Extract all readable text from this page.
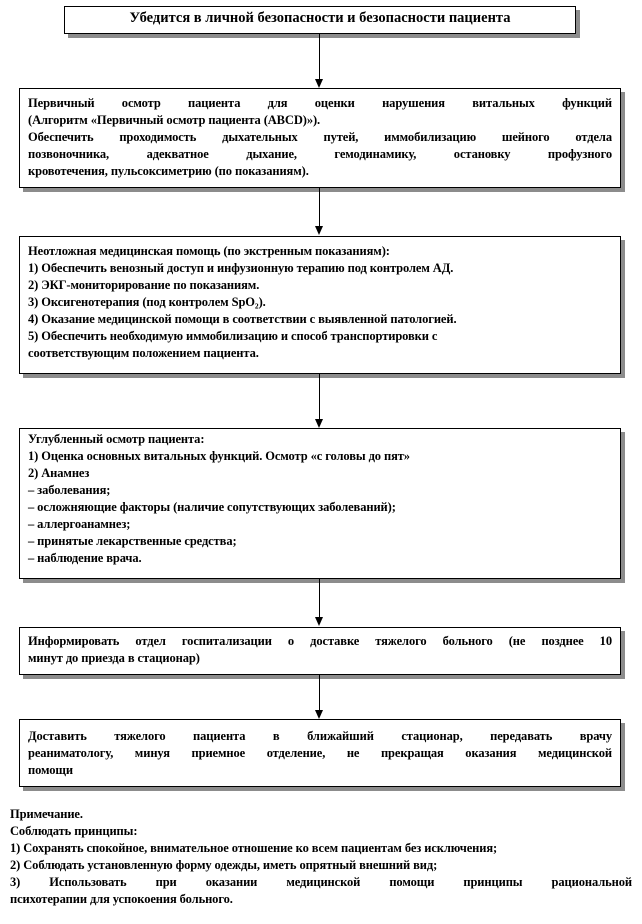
Убедится в личной безопасности и безопасности пациента
Первичный осмотр пациента для оценки нарушения витальных функций
(Алгоритм «Первичный осмотр пациента (ABCD)»).
Обеспечить проходимость дыхательных путей, иммобилизацию шейного отдела
позвоночника, адекватное дыхание, гемодинамику, остановку профузного
кровотечения, пульсоксиметрию (по показаниям).
Неотложная медицинская помощь (по экстренным показаниям):
1) Обеспечить венозный доступ и инфузионную терапию под контролем АД.
2) ЭКГ-мониторирование по показаниям.
3) Оксигенотерапия (под контролем SpO₂).
4) Оказание медицинской помощи в соответствии с выявленной патологией.
5) Обеспечить необходимую иммобилизацию и способ транспортировки с
соответствующим положением пациента.
Углубленный осмотр пациента:
1) Оценка основных витальных функций. Осмотр «с головы до пят»
2) Анамнез
– заболевания;
– осложняющие факторы (наличие сопутствующих заболеваний);
– аллергоанамнез;
– принятые лекарственные средства;
– наблюдение врача.
Информировать отдел госпитализации о доставке тяжелого больного (не позднее 10
минут до приезда в стационар)
Доставить тяжелого пациента в ближайший стационар, передавать врачу
реаниматологу, минуя приемное отделение, не прекращая оказания медицинской
помощи
Примечание.
Соблюдать принципы:
1) Сохранять спокойное, внимательное отношение ко всем пациентам без исключения;
2) Соблюдать установленную форму одежды, иметь опрятный внешний вид;
3) Использовать при оказании медицинской помощи принципы рациональной
психотерапии для успокоения больного.
